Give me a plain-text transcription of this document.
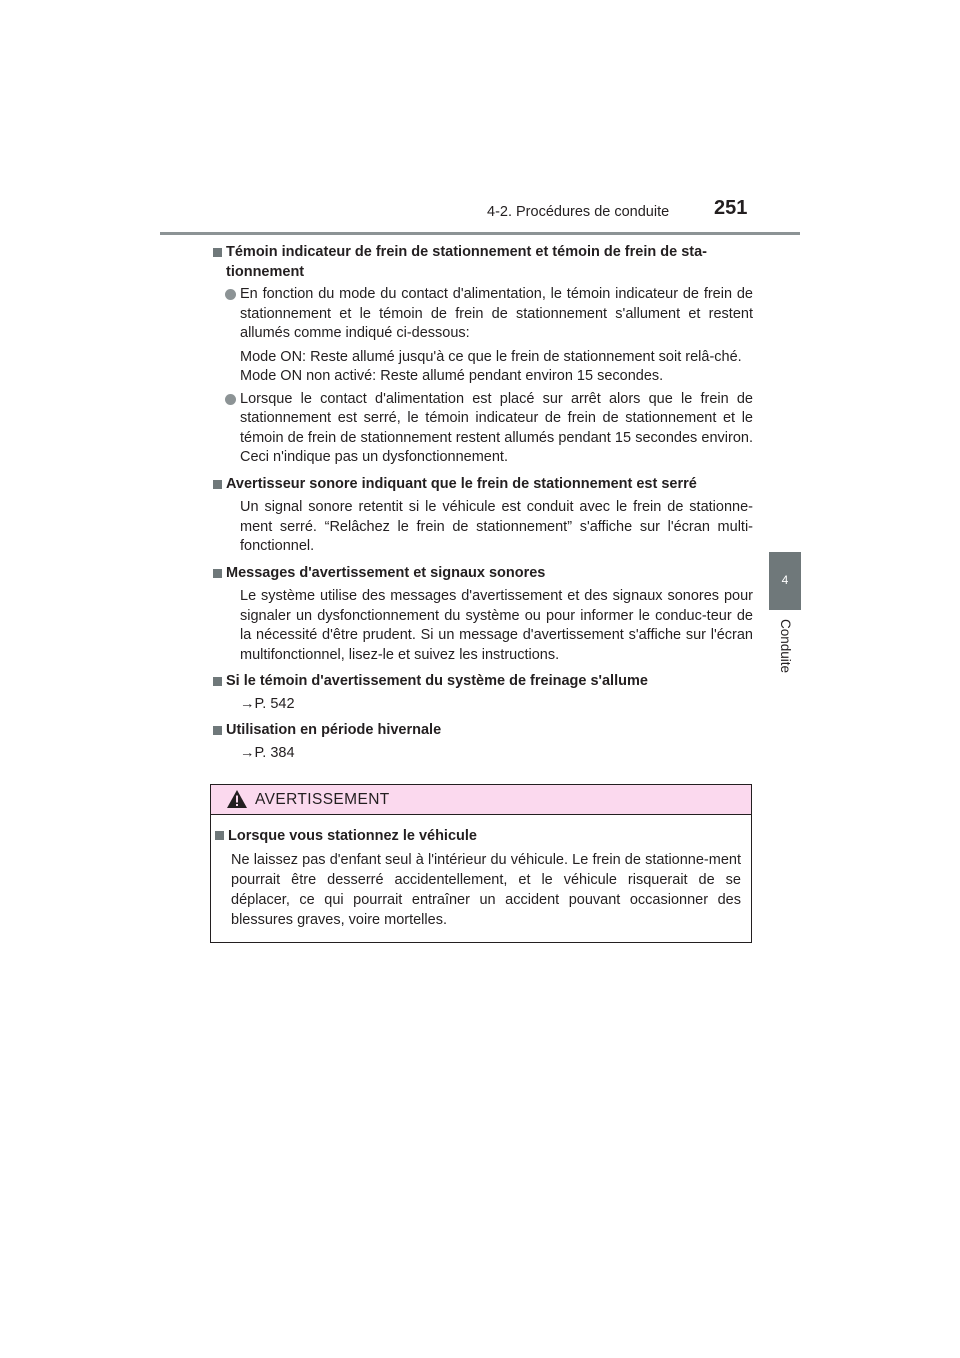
4-2. Procédures de conduite 251
4
Conduite
Témoin indicateur de frein de stationnement et témoin de frein de sta-tionnement
En fonction du mode du contact d'alimentation, le témoin indicateur de frein de stationnement et le témoin de frein de stationnement s'allument et restent allumés comme indiqué ci-dessous:
Mode ON: Reste allumé jusqu'à ce que le frein de stationnement soit relâ-ché.
Mode ON non activé: Reste allumé pendant environ 15 secondes.
Lorsque le contact d'alimentation est placé sur arrêt alors que le frein de stationnement est serré, le témoin indicateur de frein de stationnement et le témoin de frein de stationnement restent allumés pendant 15 secondes environ. Ceci n'indique pas un dysfonctionnement.
Avertisseur sonore indiquant que le frein de stationnement est serré
Un signal sonore retentit si le véhicule est conduit avec le frein de stationne-ment serré. “Relâchez le frein de stationnement” s'affiche sur l'écran multi-fonctionnel.
Messages d'avertissement et signaux sonores
Le système utilise des messages d'avertissement et des signaux sonores pour signaler un dysfonctionnement du système ou pour informer le conduc-teur de la nécessité d'être prudent. Si un message d'avertissement s'affiche sur l'écran multifonctionnel, lisez-le et suivez les instructions.
Si le témoin d'avertissement du système de freinage s'allume
→P. 542
Utilisation en période hivernale
→P. 384
AVERTISSEMENT
Lorsque vous stationnez le véhicule
Ne laissez pas d'enfant seul à l'intérieur du véhicule. Le frein de stationne-ment pourrait être desserré accidentellement, et le véhicule risquerait de se déplacer, ce qui pourrait entraîner un accident pouvant occasionner des blessures graves, voire mortelles.
